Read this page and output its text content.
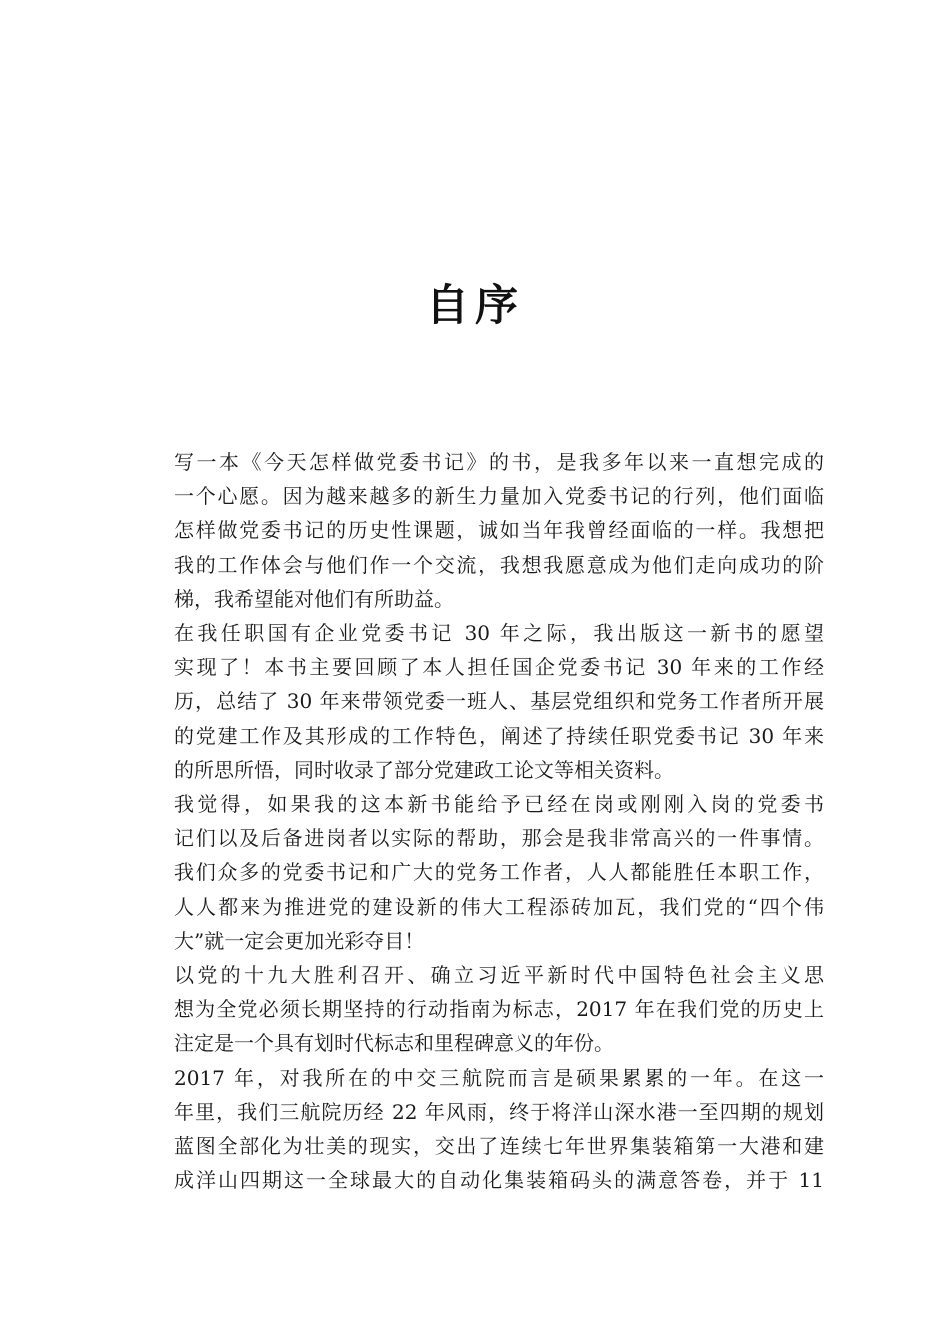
自序
写一本《今天怎样做党委书记》的书，是我多年以来一直想完成的
一个心愿。因为越来越多的新生力量加入党委书记的行列，他们面临
怎样做党委书记的历史性课题，诚如当年我曾经面临的一样。我想把
我的工作体会与他们作一个交流，我想我愿意成为他们走向成功的阶
梯，我希望能对他们有所助益。
在我任职国有企业党委书记 30 年之际，我出版这一新书的愿望
实现了！本书主要回顾了本人担任国企党委书记 30 年来的工作经
历，总结了 30 年来带领党委一班人、基层党组织和党务工作者所开展
的党建工作及其形成的工作特色，阐述了持续任职党委书记 30 年来
的所思所悟，同时收录了部分党建政工论文等相关资料。
我觉得，如果我的这本新书能给予已经在岗或刚刚入岗的党委书
记们以及后备进岗者以实际的帮助，那会是我非常高兴的一件事情。
我们众多的党委书记和广大的党务工作者，人人都能胜任本职工作，
人人都来为推进党的建设新的伟大工程添砖加瓦，我们党的“四个伟
大”就一定会更加光彩夺目！
以党的十九大胜利召开、确立习近平新时代中国特色社会主义思
想为全党必须长期坚持的行动指南为标志，2017 年在我们党的历史上
注定是一个具有划时代标志和里程碑意义的年份。
2017 年，对我所在的中交三航院而言是硕果累累的一年。在这一
年里，我们三航院历经 22 年风雨，终于将洋山深水港一至四期的规划
蓝图全部化为壮美的现实，交出了连续七年世界集装箱第一大港和建
成洋山四期这一全球最大的自动化集装箱码头的满意答卷，并于 11
